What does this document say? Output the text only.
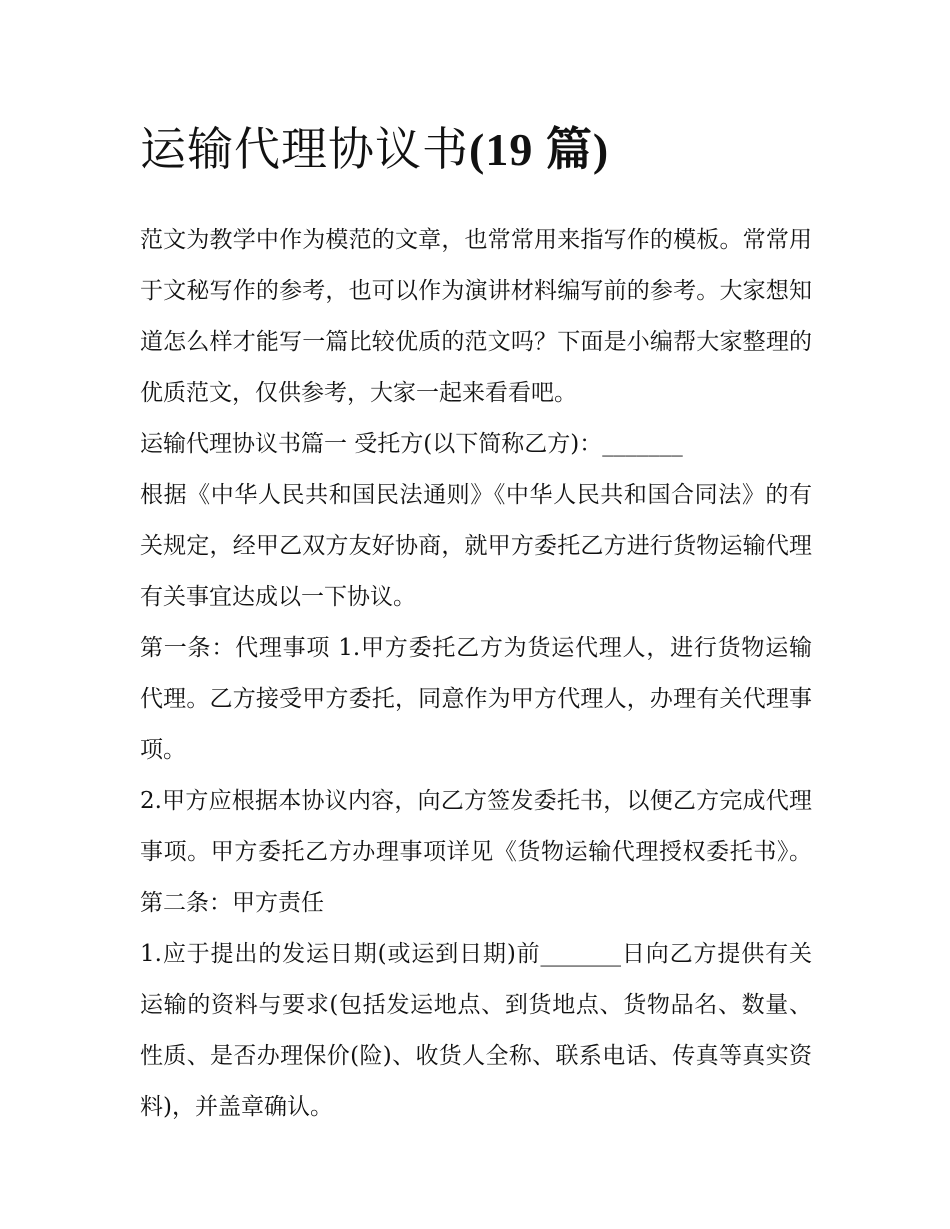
运输代理协议书(19 篇)

范文为教学中作为模范的文章，也常常用来指写作的模板。常常用于文秘写作的参考，也可以作为演讲材料编写前的参考。大家想知道怎么样才能写一篇比较优质的范文吗？下面是小编帮大家整理的优质范文，仅供参考，大家一起来看看吧。

运输代理协议书篇一 受托方(以下简称乙方)：_______

根据《中华人民共和国民法通则》《中华人民共和国合同法》的有关规定，经甲乙双方友好协商，就甲方委托乙方进行货物运输代理有关事宜达成以一下协议。

第一条：代理事项 1.甲方委托乙方为货运代理人，进行货物运输代理。乙方接受甲方委托，同意作为甲方代理人，办理有关代理事项。

2.甲方应根据本协议内容，向乙方签发委托书，以便乙方完成代理事项。甲方委托乙方办理事项详见《货物运输代理授权委托书》。 第二条：甲方责任

1.应于提出的发运日期(或运到日期)前_______日向乙方提供有关运输的资料与要求(包括发运地点、到货地点、货物品名、数量、性质、是否办理保价(险)、收货人全称、联系电话、传真等真实资料)，并盖章确认。
